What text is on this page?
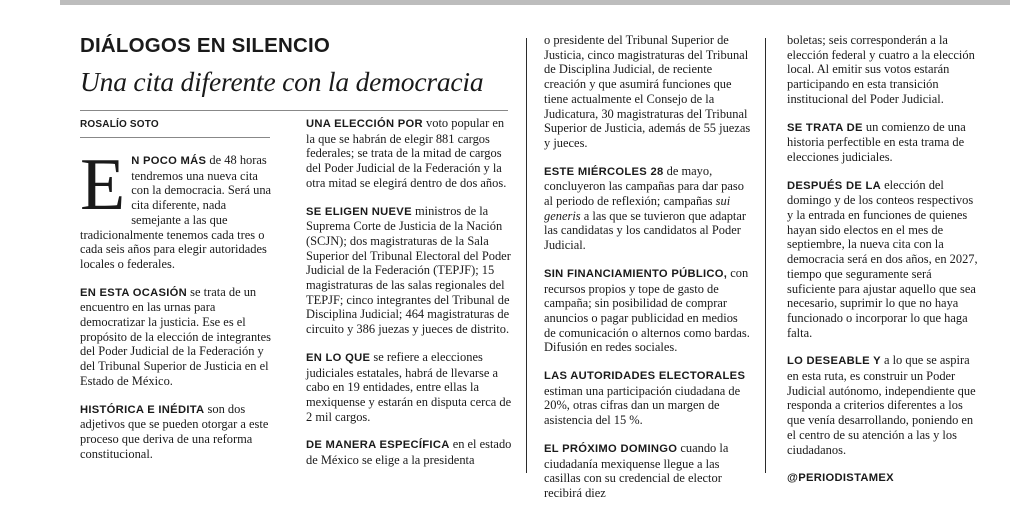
DIÁLOGOS EN SILENCIO
Una cita diferente con la democracia
ROSALÍO SOTO

E N POCO MÁS de 48 horas tendremos una nueva cita con la democracia. Será una cita diferente, nada semejante a las que tradicionalmente tenemos cada tres o cada seis años para elegir autoridades locales o federales.

EN ESTA OCASIÓN se trata de un encuentro en las urnas para democratizar la justicia. Ese es el propósito de la elección de integrantes del Poder Judicial de la Federación y del Tribunal Superior de Justicia en el Estado de México.

HISTÓRICA E INÉDITA son dos adjetivos que se pueden otorgar a este proceso que deriva de una reforma constitucional.

UNA ELECCIÓN POR voto popular en la que se habrán de elegir 881 cargos federales; se trata de la mitad de cargos del Poder Judicial de la Federación y la otra mitad se elegirá dentro de dos años.

SE ELIGEN NUEVE ministros de la Suprema Corte de Justicia de la Nación (SCJN); dos magistraturas de la Sala Superior del Tribunal Electoral del Poder Judicial de la Federación (TEPJF); 15 magistraturas de las salas regionales del TEPJF; cinco integrantes del Tribunal de Disciplina Judicial; 464 magistraturas de circuito y 386 juezas y jueces de distrito.

EN LO QUE se refiere a elecciones judiciales estatales, habrá de llevarse a cabo en 19 entidades, entre ellas la mexiquense y estarán en disputa cerca de 2 mil cargos.

DE MANERA ESPECÍFICA en el estado de México se elige a la presidenta

o presidente del Tribunal Superior de Justicia, cinco magistraturas del Tribunal de Disciplina Judicial, de reciente creación y que asumirá funciones que tiene actualmente el Consejo de la Judicatura, 30 magistraturas del Tribunal Superior de Justicia, además de 55 juezas y jueces.

ESTE MIÉRCOLES 28 de mayo, concluyeron las campañas para dar paso al periodo de reflexión; campañas sui generis a las que se tuvieron que adaptar las candidatas y los candidatos al Poder Judicial.

SIN FINANCIAMIENTO PÚBLICO, con recursos propios y tope de gasto de campaña; sin posibilidad de comprar anuncios o pagar publicidad en medios de comunicación o alternos como bardas. Difusión en redes sociales.

LAS AUTORIDADES ELECTORALES estiman una participación ciudadana de 20%, otras cifras dan un margen de asistencia del 15 %.

EL PRÓXIMO DOMINGO cuando la ciudadanía mexiquense llegue a las casillas con su credencial de elector recibirá diez

boletas; seis corresponderán a la elección federal y cuatro a la elección local. Al emitir sus votos estarán participando en esta transición institucional del Poder Judicial.

SE TRATA DE un comienzo de una historia perfectible en esta trama de elecciones judiciales.

DESPUÉS DE LA elección del domingo y de los conteos respectivos y la entrada en funciones de quienes hayan sido electos en el mes de septiembre, la nueva cita con la democracia será en dos años, en 2027, tiempo que seguramente será suficiente para ajustar aquello que sea necesario, suprimir lo que no haya funcionado o incorporar lo que haga falta.

LO DESEABLE Y a lo que se aspira en esta ruta, es construir un Poder Judicial autónomo, independiente que responda a criterios diferentes a los que venía desarrollando, poniendo en el centro de su atención a las y los ciudadanos.

@PERIODISTAMEX
